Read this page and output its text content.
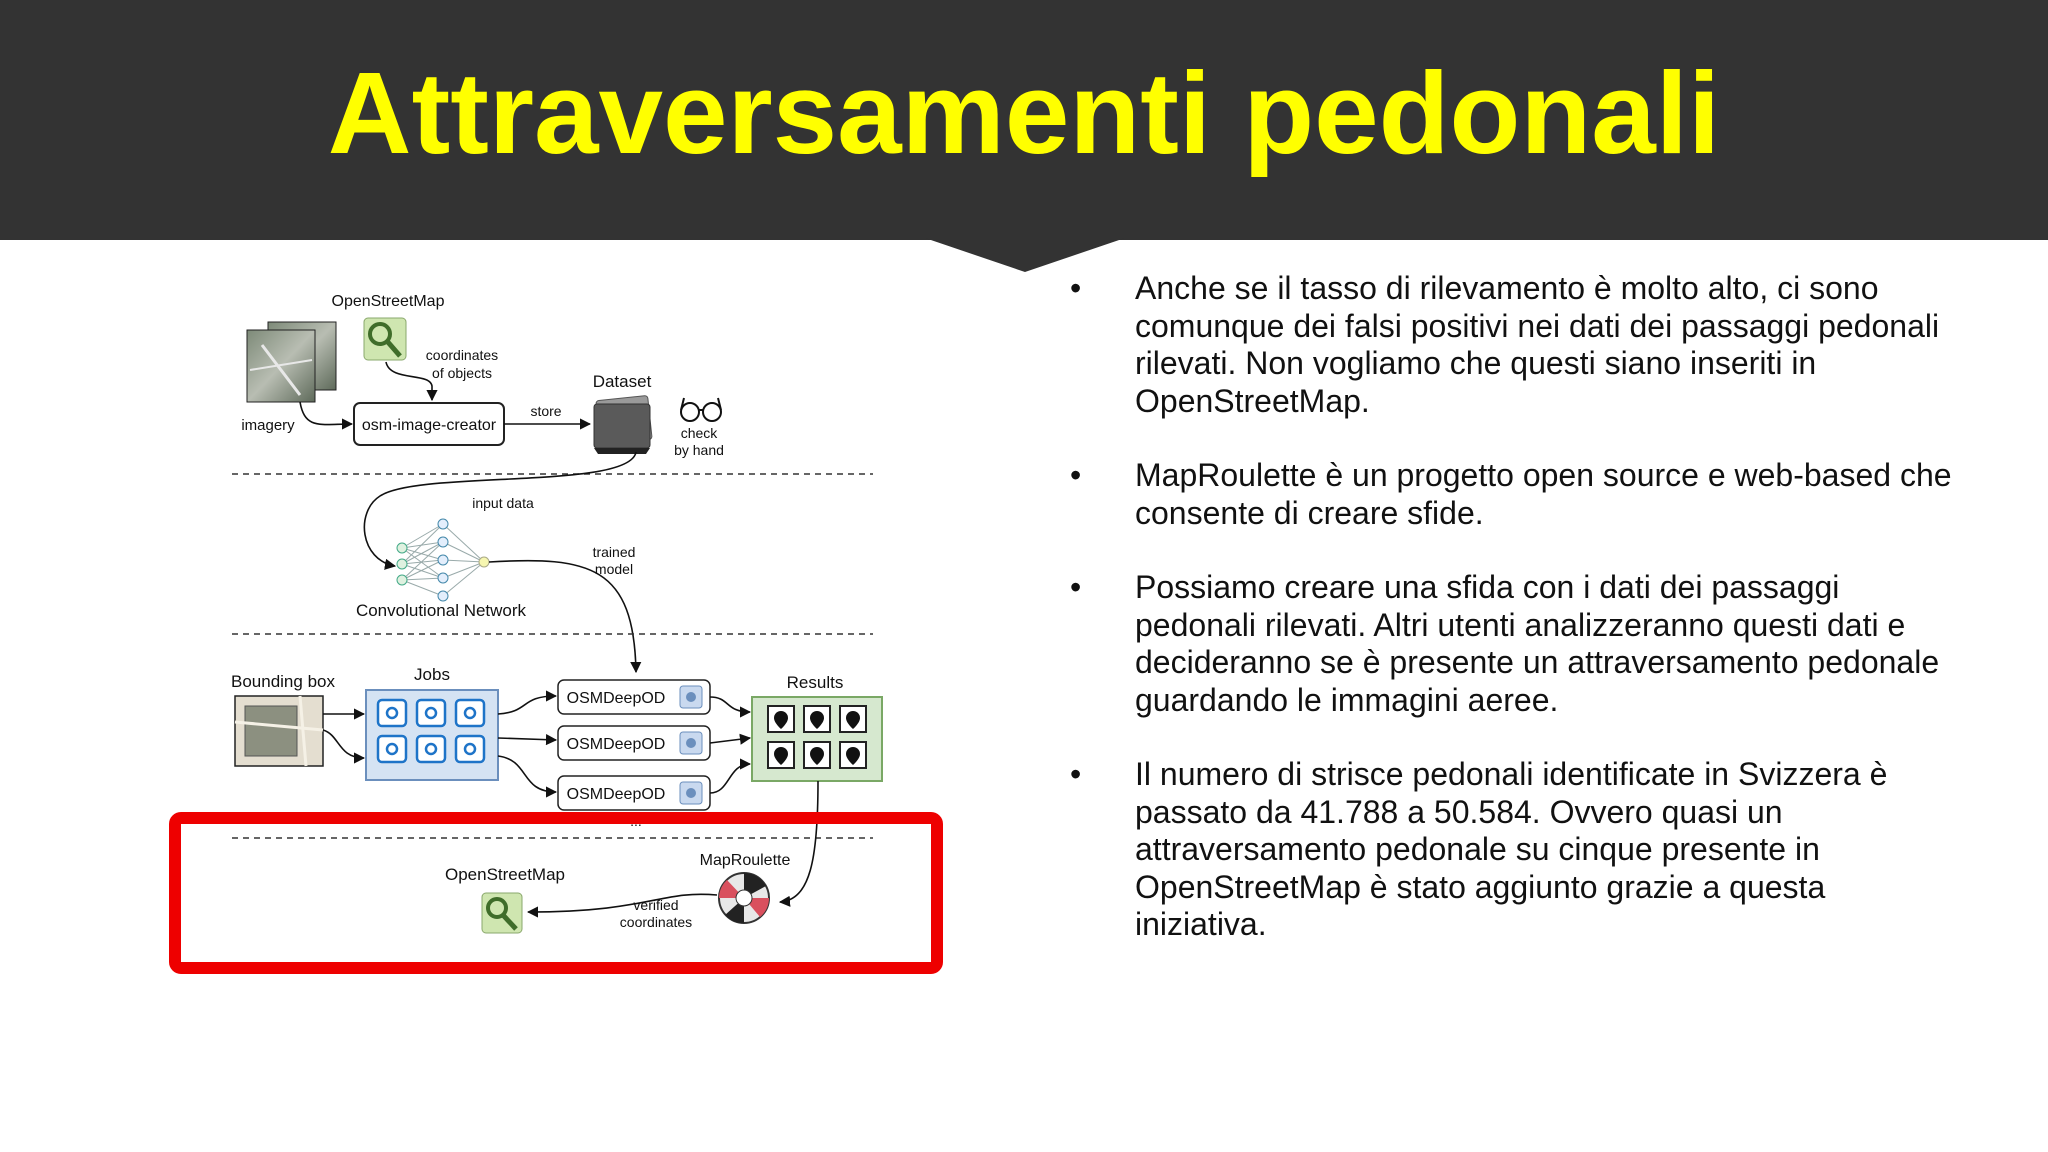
Attraversamenti pedonali
OpenStreetMap
coordinates
of objects
imagery	osm-image-creator
store
Dataset
check
by hand
input data
Convolutional Network
trained
model
Bounding box	Jobs
OSMDeepOD
OSMDeepOD
OSMDeepOD
...
Results
MapRoulette
verified
coordinates
OpenStreetMap
• Anche se il tasso di rilevamento è molto alto, ci sono comunque dei falsi positivi nei dati dei passaggi pedonali rilevati. Non vogliamo che questi siano inseriti in OpenStreetMap.
• MapRoulette è un progetto open source e web-based che consente di creare sfide.
• Possiamo creare una sfida con i dati dei passaggi pedonali rilevati. Altri utenti analizzeranno questi dati e decideranno se è presente un attraversamento pedonale guardando le immagini aeree.
• Il numero di strisce pedonali identificate in Svizzera è passato da 41.788 a 50.584. Ovvero quasi un attraversamento pedonale su cinque presente in OpenStreetMap è stato aggiunto grazie a questa iniziativa.
